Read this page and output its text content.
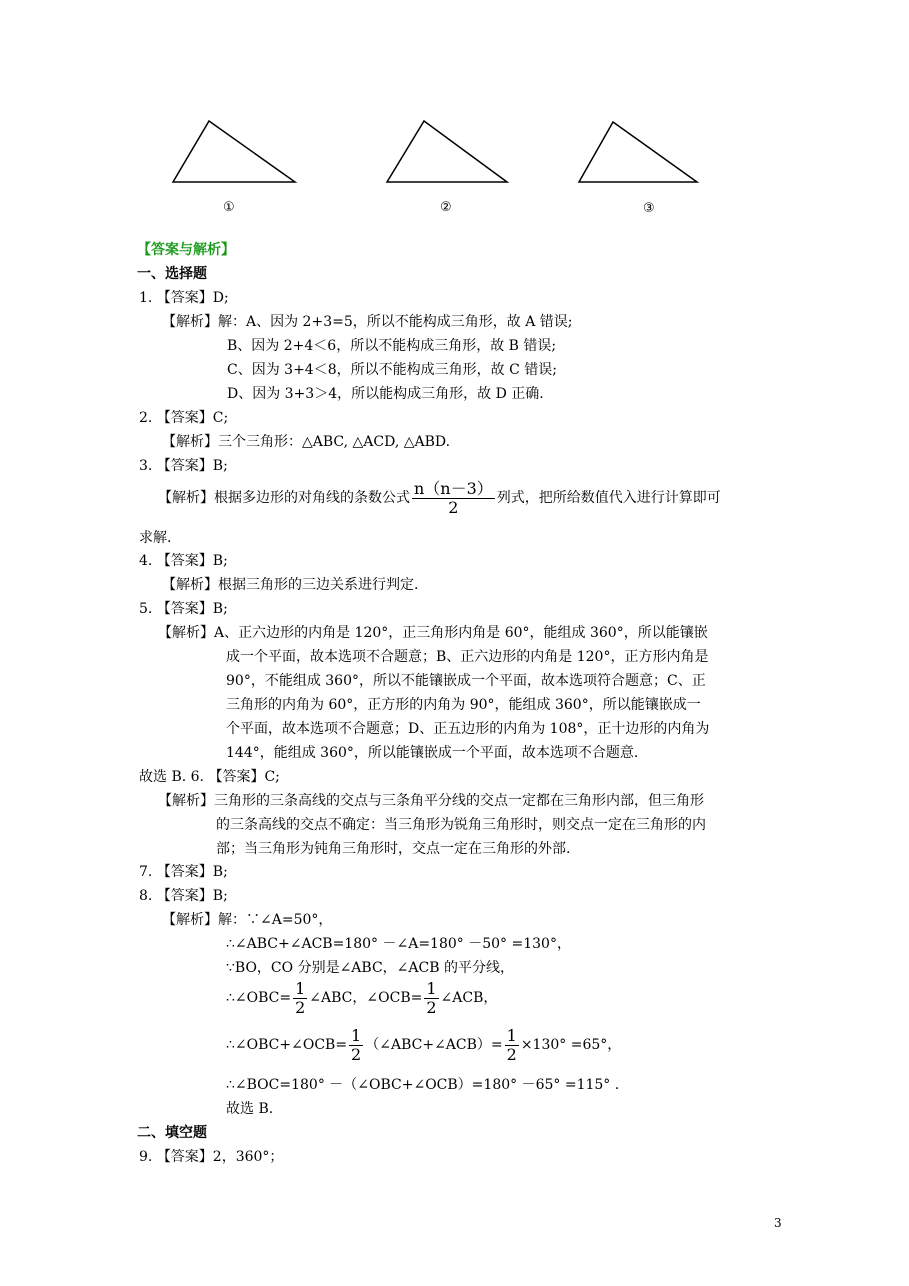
①	②	③
【答案与解析】
一、选择题
1. 【答案】D;
【解析】解：A、因为 2+3=5，所以不能构成三角形，故 A 错误;
B、因为 2+4＜6，所以不能构成三角形，故 B 错误;
C、因为 3+4＜8，所以不能构成三角形，故 C 错误;
D、因为 3+3＞4，所以能构成三角形，故 D 正确.
2. 【答案】C;
【解析】三个三角形：△ABC, △ACD, △ABD.
3. 【答案】B;
【解析】根据多边形的对角线的条数公式 $\frac{n(n-3)}{2}$ 列式，把所给数值代入进行计算即可
求解.
4. 【答案】B;
【解析】根据三角形的三边关系进行判定.
5. 【答案】B;
【解析】A、正六边形的内角是 120°，正三角形内角是 60°，能组成 360°，所以能镶嵌
成一个平面，故本选项不合题意；B、正六边形的内角是 120°，正方形内角是
90°，不能组成 360°，所以不能镶嵌成一个平面，故本选项符合题意；C、正
三角形的内角为 60°，正方形的内角为 90°，能组成 360°，所以能镶嵌成一
个平面，故本选项不合题意；D、正五边形的内角为 108°，正十边形的内角为
144°，能组成 360°，所以能镶嵌成一个平面，故本选项不合题意.
故选 B. 6. 【答案】C;
【解析】三角形的三条高线的交点与三条角平分线的交点一定都在三角形内部，但三角形
的三条高线的交点不确定：当三角形为锐角三角形时，则交点一定在三角形的内
部；当三角形为钝角三角形时，交点一定在三角形的外部.
7. 【答案】B;
8. 【答案】B;
【解析】解：∵∠A=50°，
∴∠ABC+∠ACB=180° －∠A=180° －50° =130°，
∵BO，CO 分别是∠ABC，∠ACB 的平分线，
∴∠OBC= $\frac{1}{2}$ ∠ABC，∠OCB= $\frac{1}{2}$ ∠ACB，
∴∠OBC+∠OCB= $\frac{1}{2}$ （∠ABC+∠ACB）= $\frac{1}{2} \times 130^\circ =65^\circ$，
∴∠BOC=180° －（∠OBC+∠OCB）=180° －65° =115° .
故选 B.
二、填空题
9. 【答案】2，360°；
3
